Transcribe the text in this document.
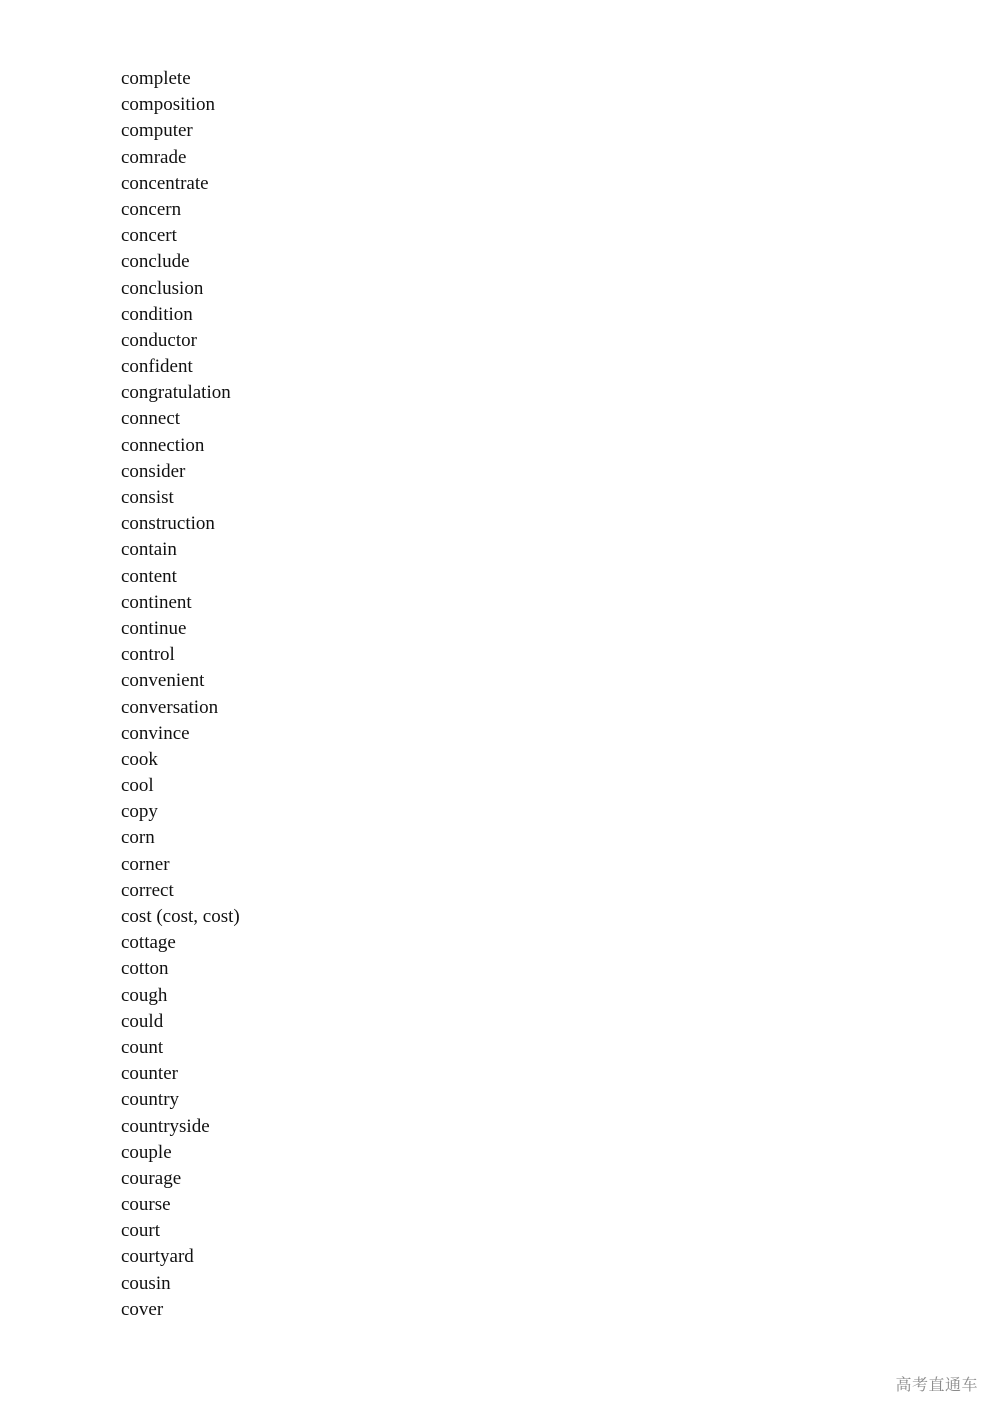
complete
composition
computer
comrade
concentrate
concern
concert
conclude
conclusion
condition
conductor
confident
congratulation
connect
connection
consider
consist
construction
contain
content
continent
continue
control
convenient
conversation
convince
cook
cool
copy
corn
corner
correct
cost (cost, cost)
cottage
cotton
cough
could
count
counter
country
countryside
couple
courage
course
court
courtyard
cousin
cover
高考直通车
